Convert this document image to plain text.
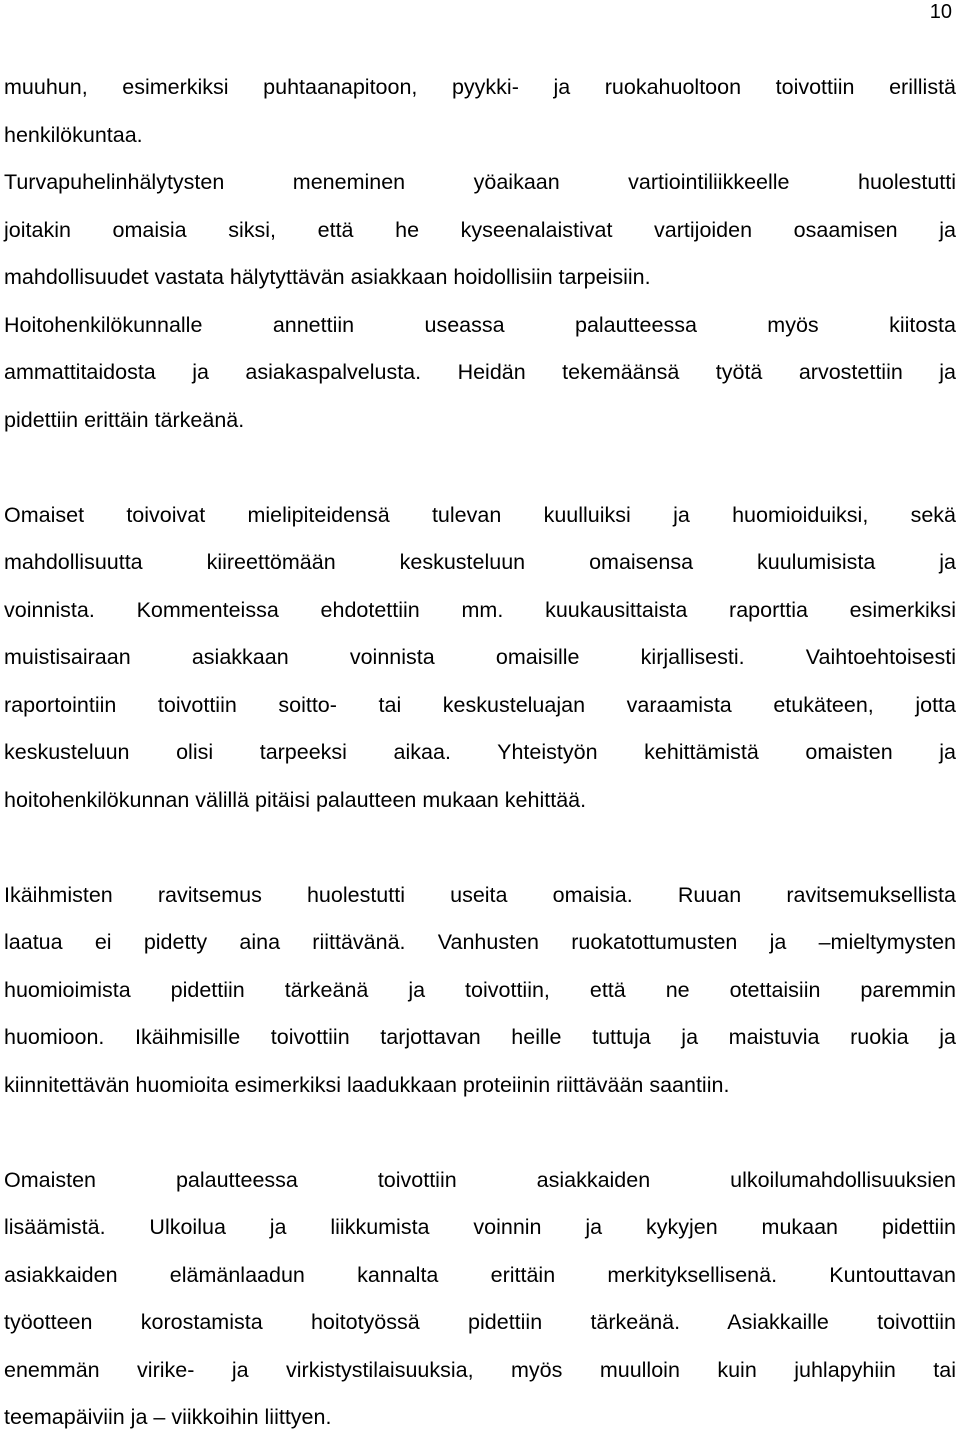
10
muuhun, esimerkiksi puhtaanapitoon, pyykki- ja ruokahuoltoon toivottiin erillistä
henkilökuntaa.
Turvapuhelinhälytysten meneminen yöaikaan vartiointiliikkeelle huolestutti
joitakin omaisia siksi, että he kyseenalaistivat vartijoiden osaamisen ja
mahdollisuudet vastata hälytyttävän asiakkaan hoidollisiin tarpeisiin.
Hoitohenkilökunnalle annettiin useassa palautteessa myös kiitosta
ammattitaidosta ja asiakaspalvelusta. Heidän tekemäänsä työtä arvostettiin ja
pidettiin erittäin tärkeänä.
Omaiset toivoivat mielipiteidensä tulevan kuulluiksi ja huomioiduiksi, sekä
mahdollisuutta kiireettömään keskusteluun omaisensa kuulumisista ja
voinnista. Kommenteissa ehdotettiin mm. kuukausittaista raporttia esimerkiksi
muistisairaan asiakkaan voinnista omaisille kirjallisesti. Vaihtoehtoisesti
raportointiin toivottiin soitto- tai keskusteluajan varaamista etukäteen, jotta
keskusteluun olisi tarpeeksi aikaa. Yhteistyön kehittämistä omaisten ja
hoitohenkilökunnan välillä pitäisi palautteen mukaan kehittää.
Ikäihmisten ravitsemus huolestutti useita omaisia. Ruuan ravitsemuksellista
laatua ei pidetty aina riittävänä. Vanhusten ruokatottumusten ja –mieltymysten
huomioimista pidettiin tärkeänä ja toivottiin, että ne otettaisiin paremmin
huomioon. Ikäihmisille toivottiin tarjottavan heille tuttuja ja maistuvia ruokia ja
kiinnitettävän huomioita esimerkiksi laadukkaan proteiinin riittävään saantiin.
Omaisten palautteessa toivottiin asiakkaiden ulkoilumahdollisuuksien
lisäämistä. Ulkoilua ja liikkumista voinnin ja kykyjen mukaan pidettiin
asiakkaiden elämänlaadun kannalta erittäin merkityksellisenä. Kuntouttavan
työotteen korostamista hoitotyössä pidettiin tärkeänä. Asiakkaille toivottiin
enemmän virike- ja virkistystilaisuuksia, myös muulloin kuin juhlapyhiin tai
teemapäiviin ja – viikkoihin liittyen.
